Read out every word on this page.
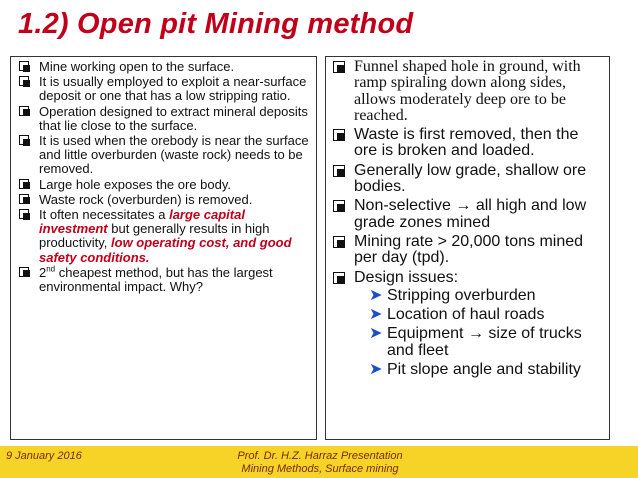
1.2) Open pit Mining method
Mine working open to the surface.
It is usually employed to exploit a near-surface deposit or one that has a low stripping ratio.
Operation designed to extract mineral deposits that lie close to the surface.
It is used when the orebody is near the surface and little overburden (waste rock) needs to be removed.
Large hole exposes the ore body.
Waste rock (overburden) is removed.
It often necessitates a large capital investment but generally results in high productivity, low operating cost, and good safety conditions.
2nd cheapest method, but has the largest environmental impact. Why?
Funnel shaped hole in ground, with ramp spiraling down along sides, allows moderately deep ore to be reached.
Waste is first removed, then the ore is broken and loaded.
Generally low grade, shallow ore bodies.
Non-selective → all high and low grade zones mined
Mining rate > 20,000 tons mined per day (tpd).
Design issues:
➤ Stripping overburden
➤ Location of haul roads
➤ Equipment → size of trucks and fleet
➤ Pit slope angle and stability
9 January 2016	Prof. Dr. H.Z. Harraz Presentation
Mining Methods, Surface mining
